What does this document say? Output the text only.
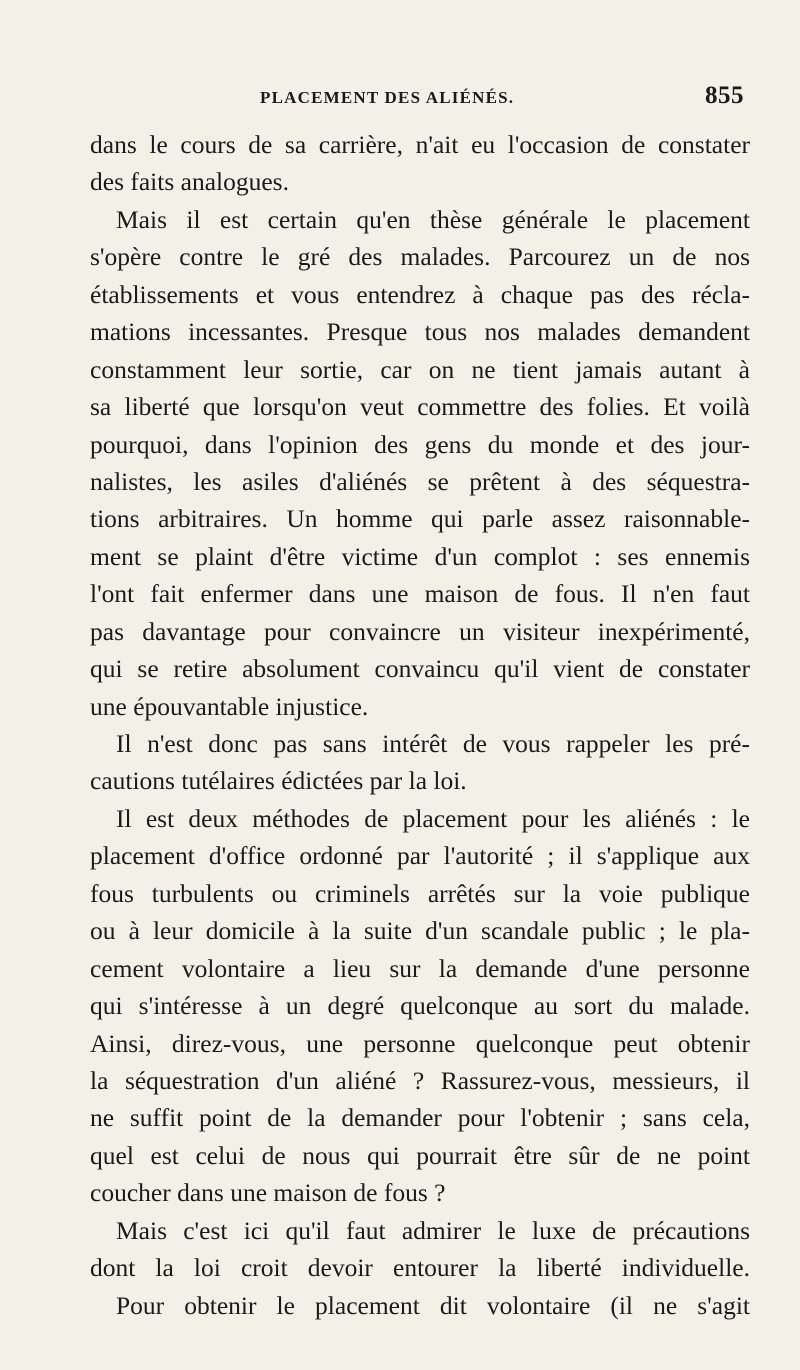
PLACEMENT DES ALIÉNÉS.	855
dans le cours de sa carrière, n'ait eu l'occasion de constater
des faits analogues.
Mais il est certain qu'en thèse générale le placement
s'opère contre le gré des malades. Parcourez un de nos
établissements et vous entendrez à chaque pas des récla-
mations incessantes. Presque tous nos malades demandent
constamment leur sortie, car on ne tient jamais autant à
sa liberté que lorsqu'on veut commettre des folies. Et voilà
pourquoi, dans l'opinion des gens du monde et des jour-
nalistes, les asiles d'aliénés se prêtent à des séquestra-
tions arbitraires. Un homme qui parle assez raisonnable-
ment se plaint d'être victime d'un complot : ses ennemis
l'ont fait enfermer dans une maison de fous. Il n'en faut
pas davantage pour convaincre un visiteur inexpérimenté,
qui se retire absolument convaincu qu'il vient de constater
une épouvantable injustice.
Il n'est donc pas sans intérêt de vous rappeler les pré-
cautions tutélaires édictées par la loi.
Il est deux méthodes de placement pour les aliénés : le
placement d'office ordonné par l'autorité ; il s'applique aux
fous turbulents ou criminels arrêtés sur la voie publique
ou à leur domicile à la suite d'un scandale public ; le pla-
cement volontaire a lieu sur la demande d'une personne
qui s'intéresse à un degré quelconque au sort du malade.
Ainsi, direz-vous, une personne quelconque peut obtenir
la séquestration d'un aliéné ? Rassurez-vous, messieurs, il
ne suffit point de la demander pour l'obtenir ; sans cela,
quel est celui de nous qui pourrait être sûr de ne point
coucher dans une maison de fous ?
Mais c'est ici qu'il faut admirer le luxe de précautions
dont la loi croit devoir entourer la liberté individuelle.
Pour obtenir le placement dit volontaire (il ne s'agit
